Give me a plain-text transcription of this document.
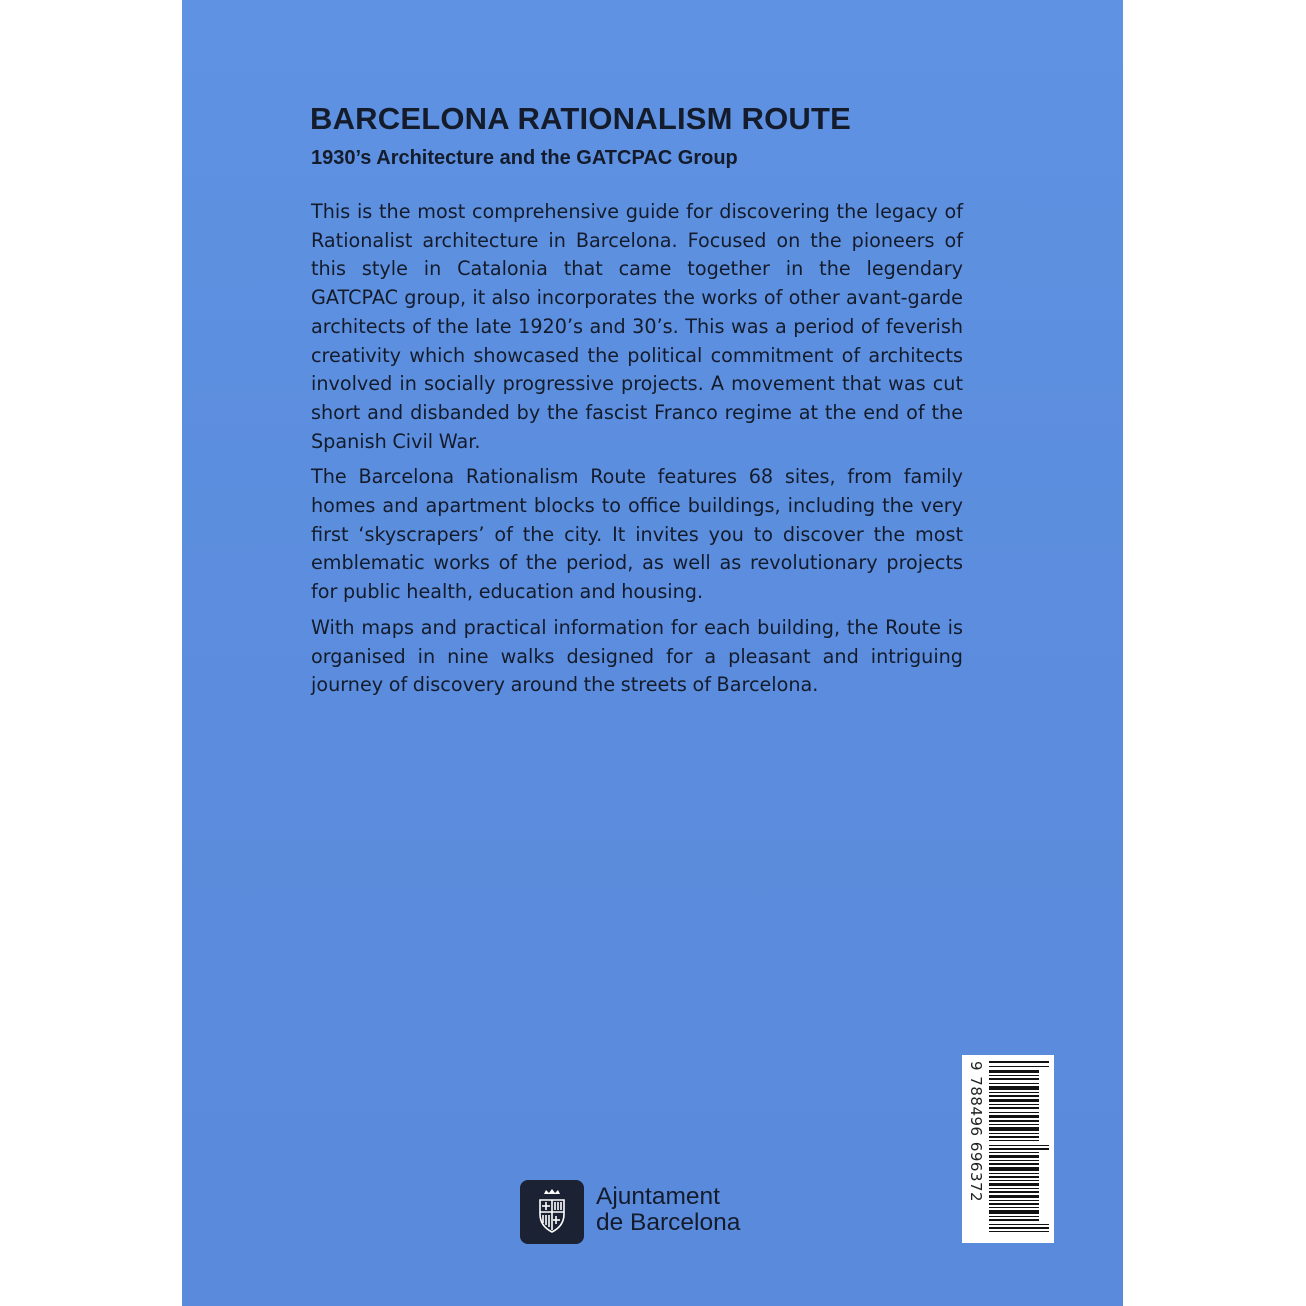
BARCELONA RATIONALISM ROUTE
1930’s Architecture and the GATCPAC Group

This is the most comprehensive guide for discovering the legacy of Rationalist architecture in Barcelona. Focused on the pioneers of this style in Catalonia that came together in the legendary GATCPAC group, it also incorporates the works of other avant-garde architects of the late 1920’s and 30’s. This was a period of feverish creativity which showcased the political commitment of architects involved in socially progressive projects. A movement that was cut short and disbanded by the fascist Franco regime at the end of the Spanish Civil War.

The Barcelona Rationalism Route features 68 sites, from family homes and apartment blocks to office buildings, including the very first ‘skyscrapers’ of the city. It invites you to discover the most emblematic works of the period, as well as revolutionary projects for public health, education and housing.

With maps and practical information for each building, the Route is organised in nine walks designed for a pleasant and intriguing journey of discovery around the streets of Barcelona.

9 788496 696372
Ajuntament
de Barcelona
